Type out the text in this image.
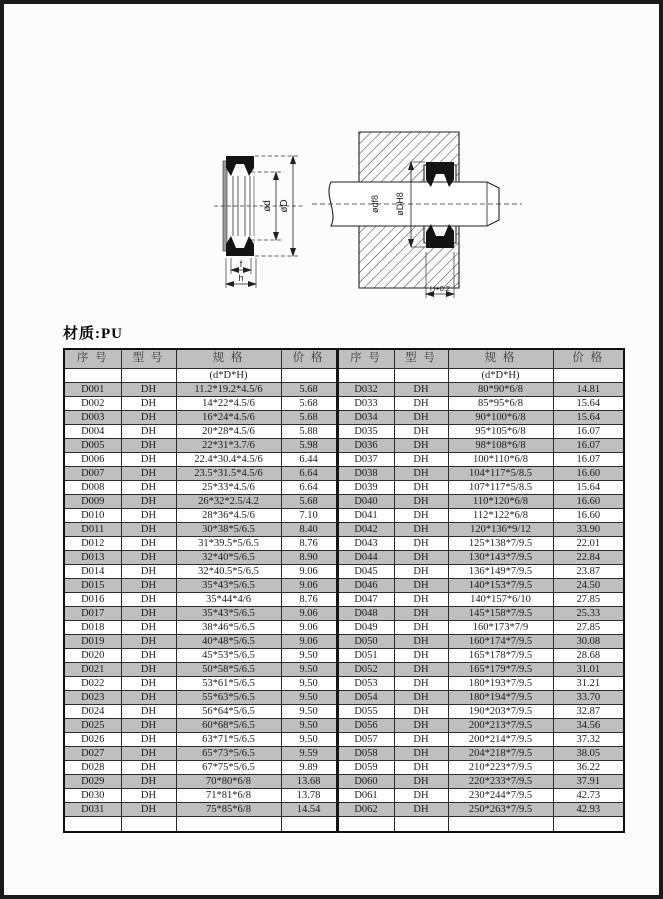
ød øD
f
h
ødf8 øDH8
H+0.2
材质:PU
序 号	型 号	规 格	价 格	序 号	型 号	规 格	价 格
		(d*D*H)				(d*D*H)	
D001	DH	11.2*19.2*4.5/6	5.68	D032	DH	80*90*6/8	14.81
D002	DH	14*22*4.5/6	5.68	D033	DH	85*95*6/8	15.64
D003	DH	16*24*4.5/6	5.68	D034	DH	90*100*6/8	15.64
D004	DH	20*28*4.5/6	5.88	D035	DH	95*105*6/8	16.07
D005	DH	22*31*3.7/6	5.98	D036	DH	98*108*6/8	16.07
D006	DH	22.4*30.4*4.5/6	6.44	D037	DH	100*110*6/8	16.07
D007	DH	23.5*31.5*4.5/6	6.64	D038	DH	104*117*5/8.5	16.60
D008	DH	25*33*4.5/6	6.64	D039	DH	107*117*5/8.5	15.64
D009	DH	26*32*2.5/4.2	5.68	D040	DH	110*120*6/8	16.60
D010	DH	28*36*4.5/6	7.10	D041	DH	112*122*6/8	16.60
D011	DH	30*38*5/6.5	8.40	D042	DH	120*136*9/12	33.90
D012	DH	31*39.5*5/6.5	8.76	D043	DH	125*138*7/9.5	22.01
D013	DH	32*40*5/6.5	8.90	D044	DH	130*143*7/9.5	22.84
D014	DH	32*40.5*5/6.5	9.06	D045	DH	136*149*7/9.5	23.87
D015	DH	35*43*5/6.5	9.06	D046	DH	140*153*7/9.5	24.50
D016	DH	35*44*4/6	8.76	D047	DH	140*157*6/10	27.85
D017	DH	35*43*5/6.5	9.06	D048	DH	145*158*7/9.5	25.33
D018	DH	38*46*5/6.5	9.06	D049	DH	160*173*7/9	27.85
D019	DH	40*48*5/6.5	9.06	D050	DH	160*174*7/9.5	30.08
D020	DH	45*53*5/6.5	9.50	D051	DH	165*178*7/9.5	28.68
D021	DH	50*58*5/6.5	9.50	D052	DH	165*179*7/9.5	31.01
D022	DH	53*61*5/6.5	9.50	D053	DH	180*193*7/9.5	31.21
D023	DH	55*63*5/6.5	9.50	D054	DH	180*194*7/9.5	33.70
D024	DH	56*64*5/6.5	9.50	D055	DH	190*203*7/9.5	32.87
D025	DH	60*68*5/6.5	9.50	D056	DH	200*213*7/9.5	34.56
D026	DH	63*71*5/6.5	9.50	D057	DH	200*214*7/9.5	37.32
D027	DH	65*73*5/6.5	9.59	D058	DH	204*218*7/9.5	38.05
D028	DH	67*75*5/6.5	9.89	D059	DH	210*223*7/9.5	36.22
D029	DH	70*80*6/8	13.68	D060	DH	220*233*7/9.5	37.91
D030	DH	71*81*6/8	13.78	D061	DH	230*244*7/9.5	42.73
D031	DH	75*85*6/8	14.54	D062	DH	250*263*7/9.5	42.93
